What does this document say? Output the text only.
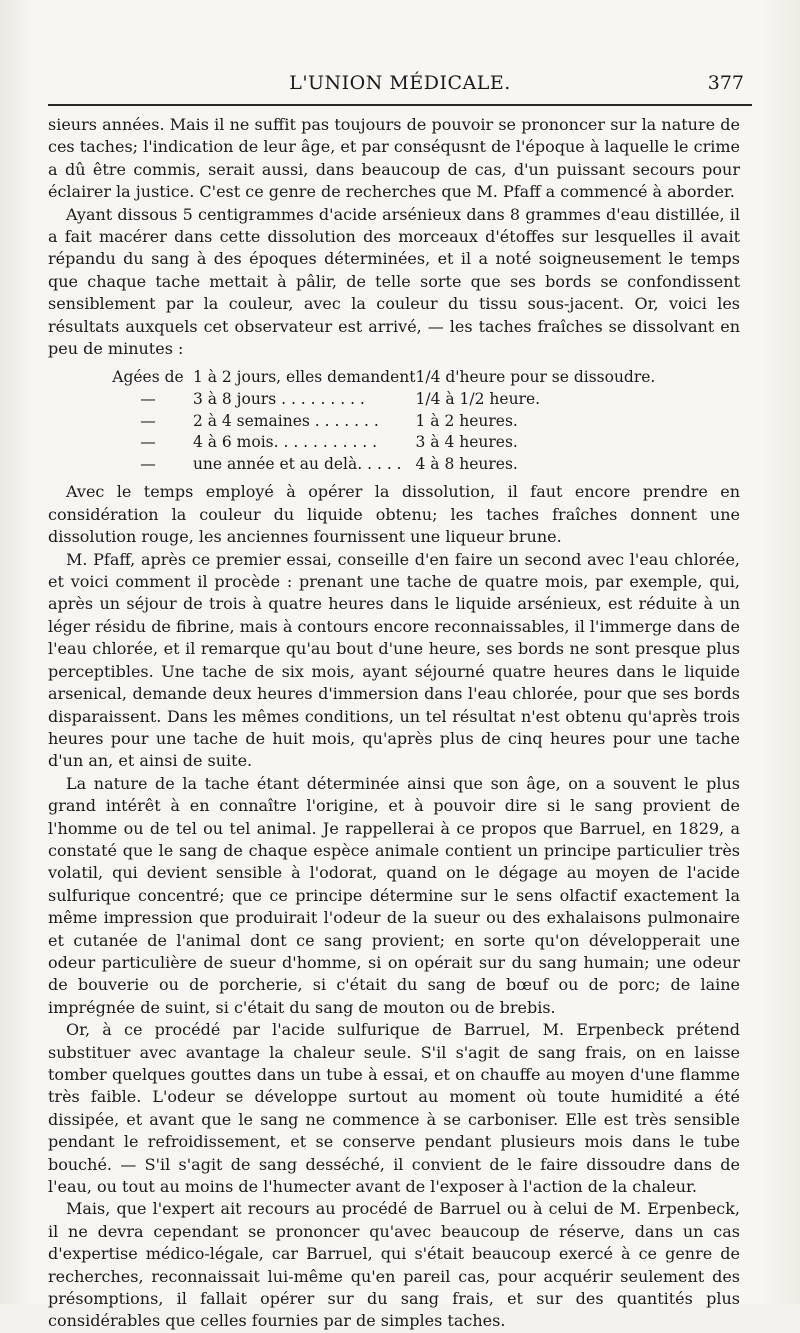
L'UNION MÉDICALE.	377

sieurs années. Mais il ne suffit pas toujours de pouvoir se prononcer sur la nature de ces taches; l'indication de leur âge, et par conséqusnt de l'époque à laquelle le crime a dû être commis, serait aussi, dans beaucoup de cas, d'un puissant secours pour éclairer la justice. C'est ce genre de recherches que M. Pfaff a commencé à aborder.

Ayant dissous 5 centigrammes d'acide arsénieux dans 8 grammes d'eau distillée, il a fait macérer dans cette dissolution des morceaux d'étoffes sur lesquelles il avait répandu du sang à des époques déterminées, et il a noté soigneusement le temps que chaque tache mettait à pâlir, de telle sorte que ses bords se confondissent sensiblement par la couleur, avec la couleur du tissu sous-jacent. Or, voici les résultats auxquels cet observateur est arrivé, — les taches fraîches se dissolvant en peu de minutes :

Agées de 1 à 2 jours, elles demandent	1/4 d'heure pour se dissoudre.
— 3 à 8 jours . . . . . . . . .	1/4 à 1/2 heure.
— 2 à 4 semaines . . . . . . .	1 à 2 heures.
— 4 à 6 mois. . . . . . . . . . .	3 à 4 heures.
— une année et au delà. . . . .	4 à 8 heures.

Avec le temps employé à opérer la dissolution, il faut encore prendre en considération la couleur du liquide obtenu; les taches fraîches donnent une dissolution rouge, les anciennes fournissent une liqueur brune.

M. Pfaff, après ce premier essai, conseille d'en faire un second avec l'eau chlorée, et voici comment il procède : prenant une tache de quatre mois, par exemple, qui, après un séjour de trois à quatre heures dans le liquide arsénieux, est réduite à un léger résidu de fibrine, mais à contours encore reconnaissables, il l'immerge dans de l'eau chlorée, et il remarque qu'au bout d'une heure, ses bords ne sont presque plus perceptibles. Une tache de six mois, ayant séjourné quatre heures dans le liquide arsenical, demande deux heures d'immersion dans l'eau chlorée, pour que ses bords disparaissent. Dans les mêmes conditions, un tel résultat n'est obtenu qu'après trois heures pour une tache de huit mois, qu'après plus de cinq heures pour une tache d'un an, et ainsi de suite.

La nature de la tache étant déterminée ainsi que son âge, on a souvent le plus grand intérêt à en connaître l'origine, et à pouvoir dire si le sang provient de l'homme ou de tel ou tel animal. Je rappellerai à ce propos que Barruel, en 1829, a constaté que le sang de chaque espèce animale contient un principe particulier très volatil, qui devient sensible à l'odorat, quand on le dégage au moyen de l'acide sulfurique concentré; que ce principe détermine sur le sens olfactif exactement la même impression que produirait l'odeur de la sueur ou des exhalaisons pulmonaire et cutanée de l'animal dont ce sang provient; en sorte qu'on développerait une odeur particulière de sueur d'homme, si on opérait sur du sang humain; une odeur de bouverie ou de porcherie, si c'était du sang de bœuf ou de porc; de laine imprégnée de suint, si c'était du sang de mouton ou de brebis.

Or, à ce procédé par l'acide sulfurique de Barruel, M. Erpenbeck prétend substituer avec avantage la chaleur seule. S'il s'agit de sang frais, on en laisse tomber quelques gouttes dans un tube à essai, et on chauffe au moyen d'une flamme très faible. L'odeur se développe surtout au moment où toute humidité a été dissipée, et avant que le sang ne commence à se carboniser. Elle est très sensible pendant le refroidissement, et se conserve pendant plusieurs mois dans le tube bouché. — S'il s'agit de sang desséché, il convient de le faire dissoudre dans de l'eau, ou tout au moins de l'humecter avant de l'exposer à l'action de la chaleur.

Mais, que l'expert ait recours au procédé de Barruel ou à celui de M. Erpenbeck, il ne devra cependant se prononcer qu'avec beaucoup de réserve, dans un cas d'expertise médico-légale, car Barruel, qui s'était beaucoup exercé à ce genre de recherches, reconnaissait lui-même qu'en pareil cas, pour acquérir seulement des présomptions, il fallait opérer sur du sang frais, et sur des quantités plus considérables que celles fournies par de simples taches.
